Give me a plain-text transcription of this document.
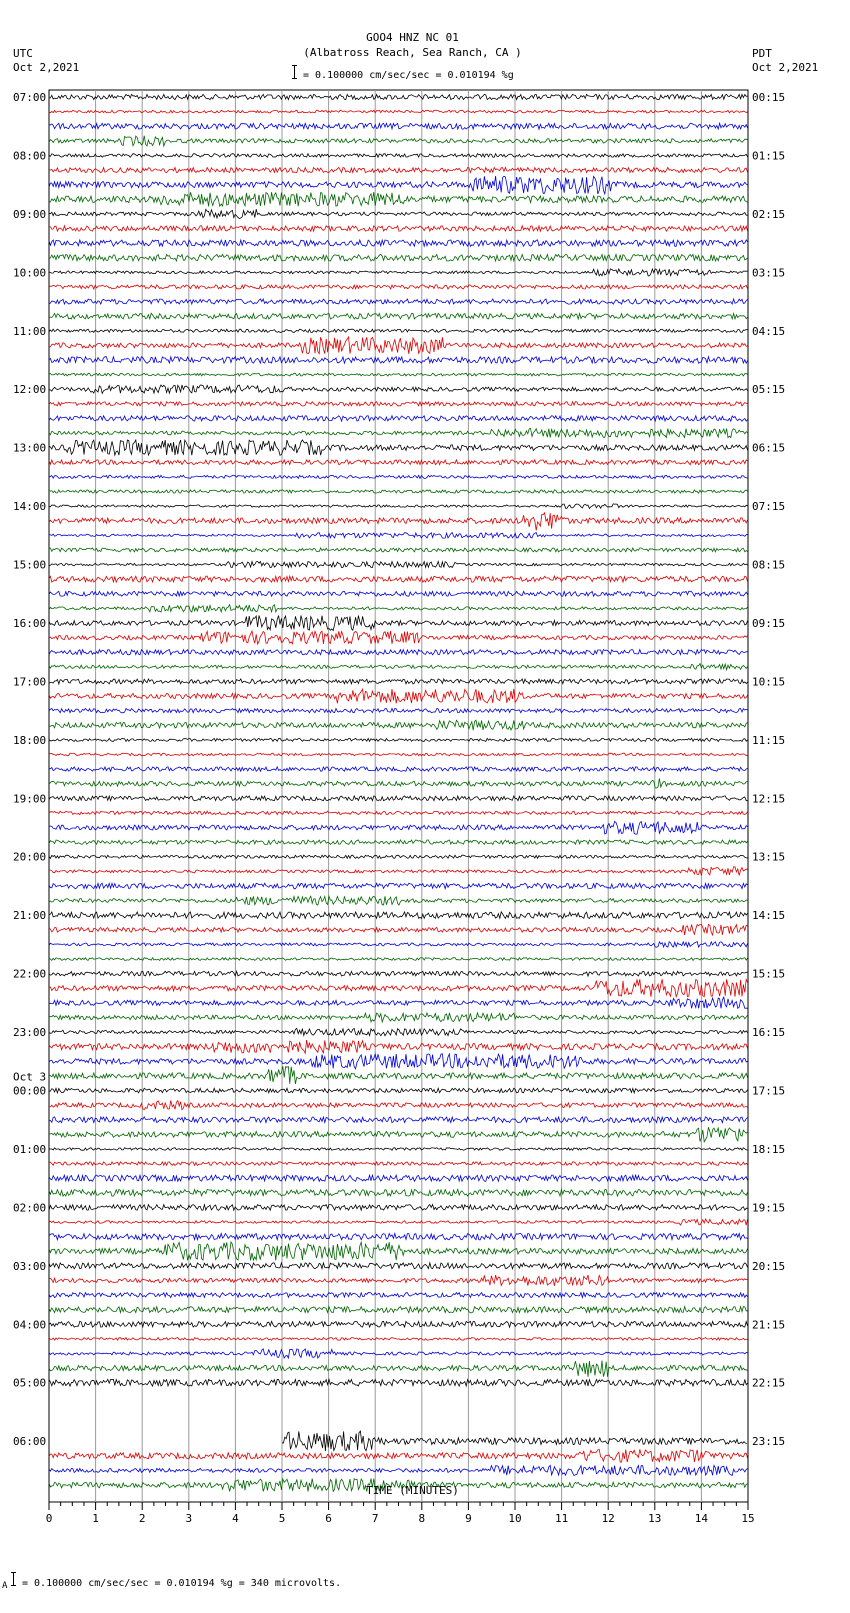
07:00
08:00
09:00
10:00
11:00
12:00
13:00
14:00
15:00
16:00
17:00
18:00
19:00
20:00
21:00
22:00
23:00
00:00
01:00
02:00
03:00
04:00
05:00
06:00
00:15
01:15
02:15
03:15
04:15
05:15
06:15
07:15
08:15
09:15
10:15
11:15
12:15
13:15
14:15
15:15
16:15
17:15
18:15
19:15
20:15
21:15
22:15
23:15
Oct 3
0	1	2	3	4	5	6	7	8	9	10	11	12	13	14	15
GOO4 HNZ NC 01
(Albatross Reach, Sea Ranch, CA )
= 0.100000 cm/sec/sec = 0.010194 %g
UTC
Oct 2,2021
PDT
Oct 2,2021
TIME (MINUTES)
A = 0.100000 cm/sec/sec = 0.010194 %g = 340 microvolts.
